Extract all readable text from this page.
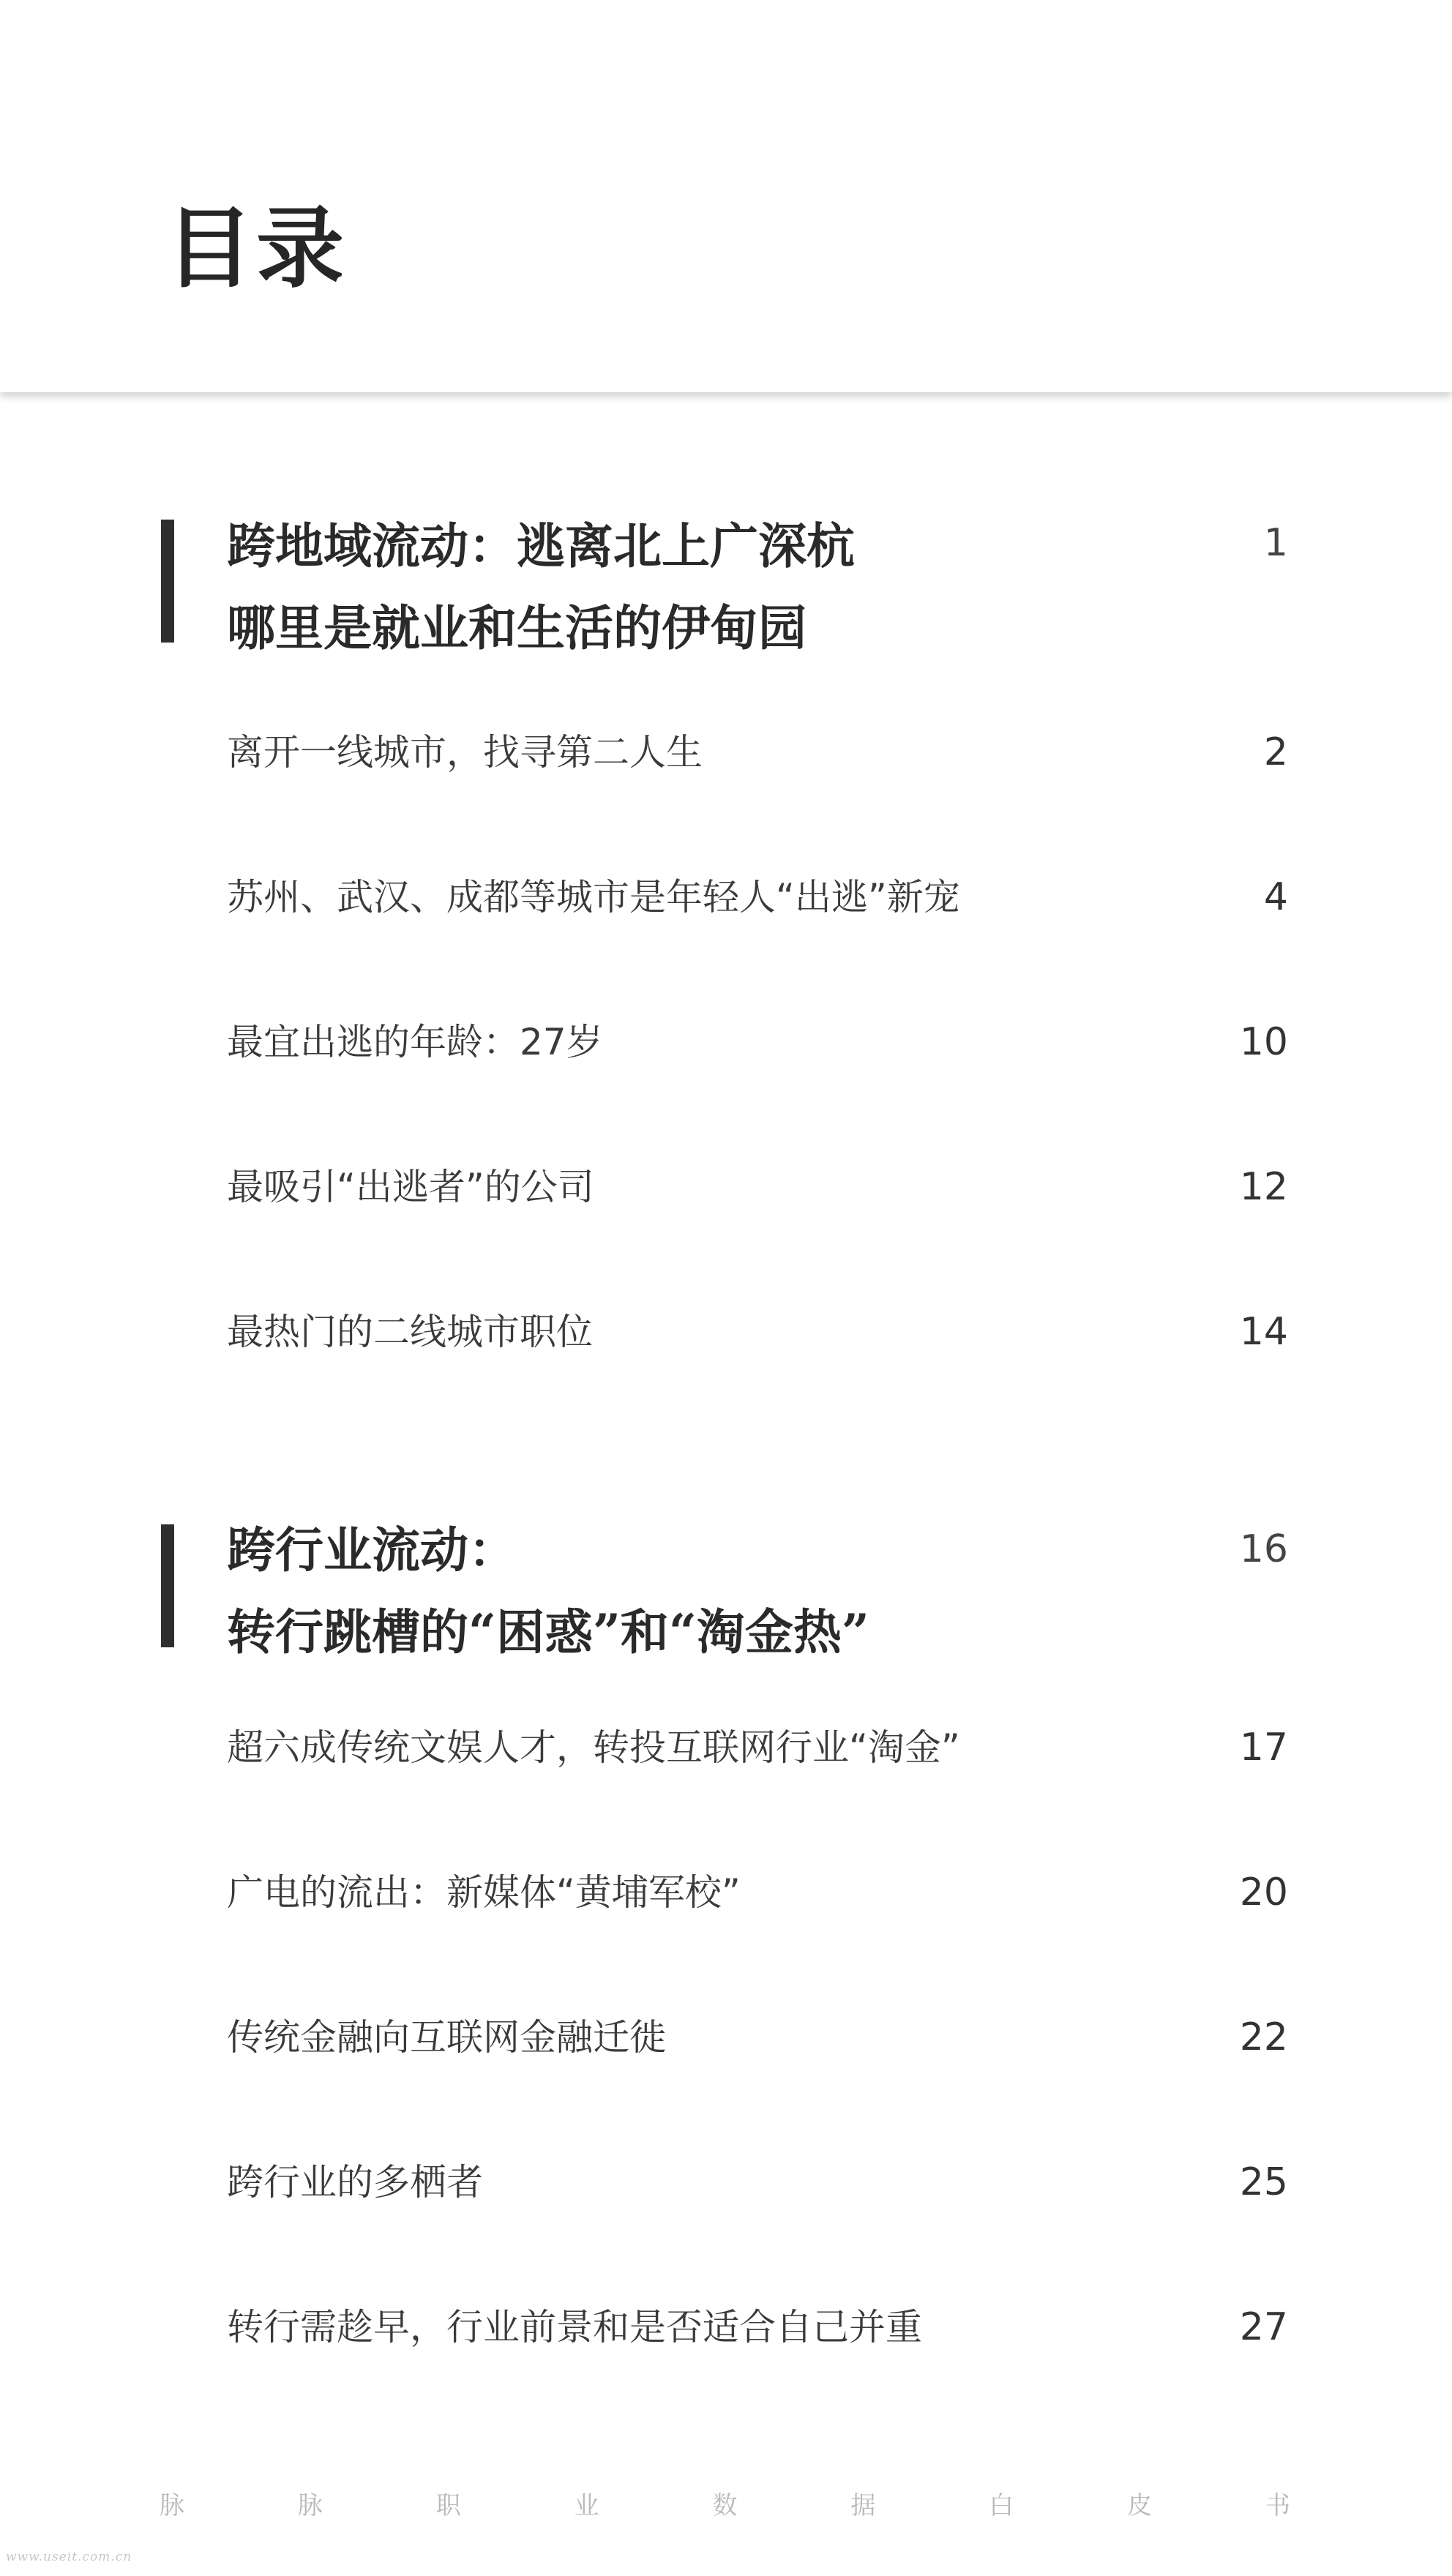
目录
跨地域流动：逃离北上广深杭
哪里是就业和生活的伊甸园
1
离开一线城市，找寻第二人生	2
苏州、武汉、成都等城市是年轻人“出逃”新宠	4
最宜出逃的年龄：27岁	10
最吸引“出逃者”的公司	12
最热门的二线城市职位	14
跨行业流动：
转行跳槽的“困惑”和“淘金热”
16
超六成传统文娱人才，转投互联网行业“淘金”	17
广电的流出：新媒体“黄埔军校”	20
传统金融向互联网金融迁徙	22
跨行业的多栖者	25
转行需趁早，行业前景和是否适合自己并重	27
脉	脉	职	业	数	据	白	皮	书
www.useit.com.cn
